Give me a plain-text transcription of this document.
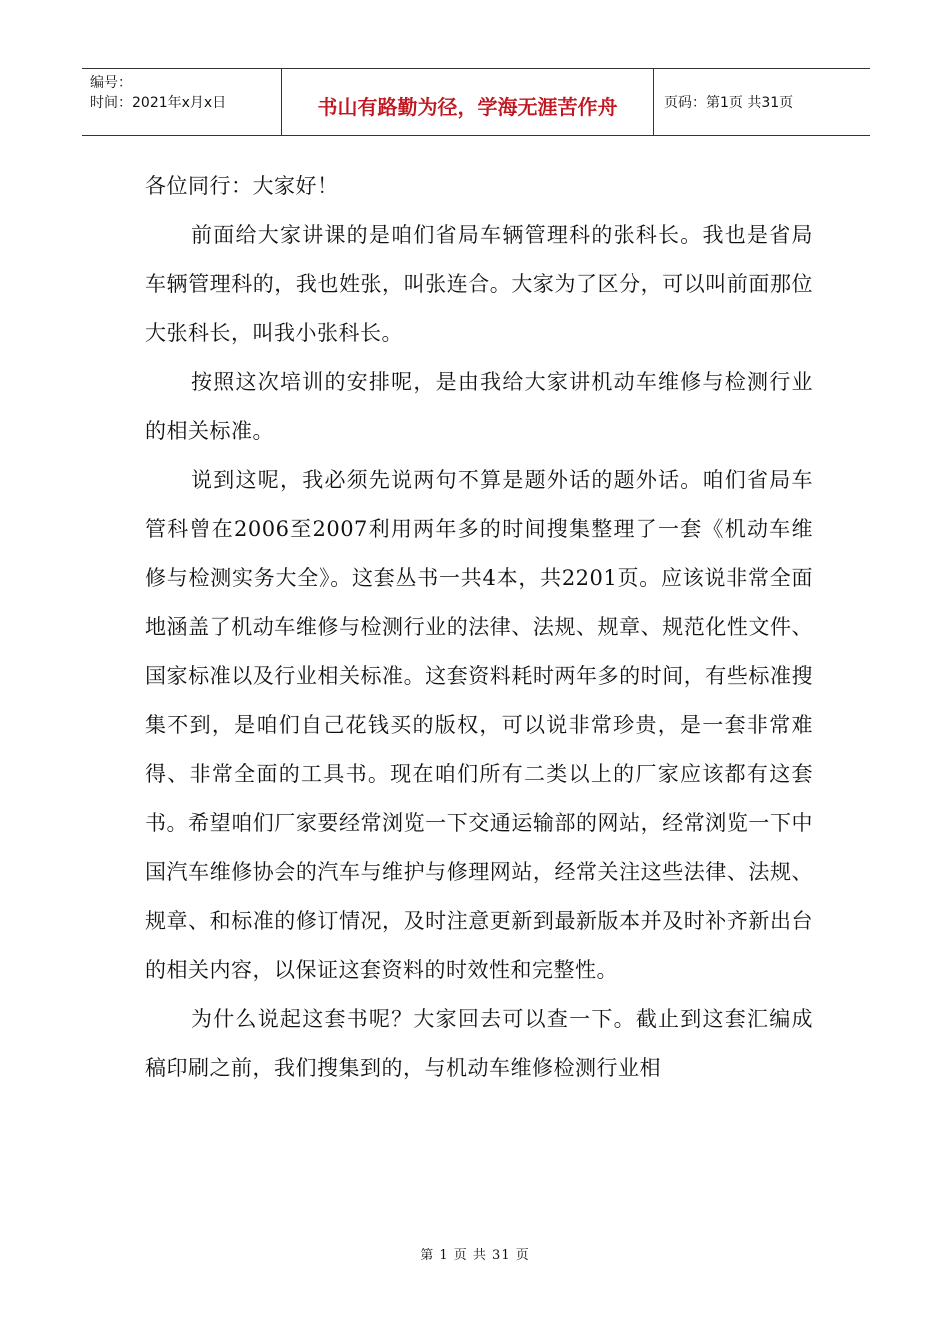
编号：
时间：2021年x月x日	书山有路勤为径，学海无涯苦作舟	页码：第1页 共31页

各位同行：大家好！

前面给大家讲课的是咱们省局车辆管理科的张科长。我也是省局车辆管理科的，我也姓张，叫张连合。大家为了区分，可以叫前面那位大张科长，叫我小张科长。

按照这次培训的安排呢，是由我给大家讲机动车维修与检测行业的相关标准。

说到这呢，我必须先说两句不算是题外话的题外话。咱们省局车管科曾在2006至2007利用两年多的时间搜集整理了一套《机动车维修与检测实务大全》。这套丛书一共4本，共2201页。应该说非常全面地涵盖了机动车维修与检测行业的法律、法规、规章、规范化性文件、国家标准以及行业相关标准。这套资料耗时两年多的时间，有些标准搜集不到，是咱们自己花钱买的版权，可以说非常珍贵，是一套非常难得、非常全面的工具书。现在咱们所有二类以上的厂家应该都有这套书。希望咱们厂家要经常浏览一下交通运输部的网站，经常浏览一下中国汽车维修协会的汽车与维护与修理网站，经常关注这些法律、法规、规章、和标准的修订情况，及时注意更新到最新版本并及时补齐新出台的相关内容，以保证这套资料的时效性和完整性。

为什么说起这套书呢？大家回去可以查一下。截止到这套汇编成稿印刷之前，我们搜集到的，与机动车维修检测行业相

第 1 页 共 31 页
